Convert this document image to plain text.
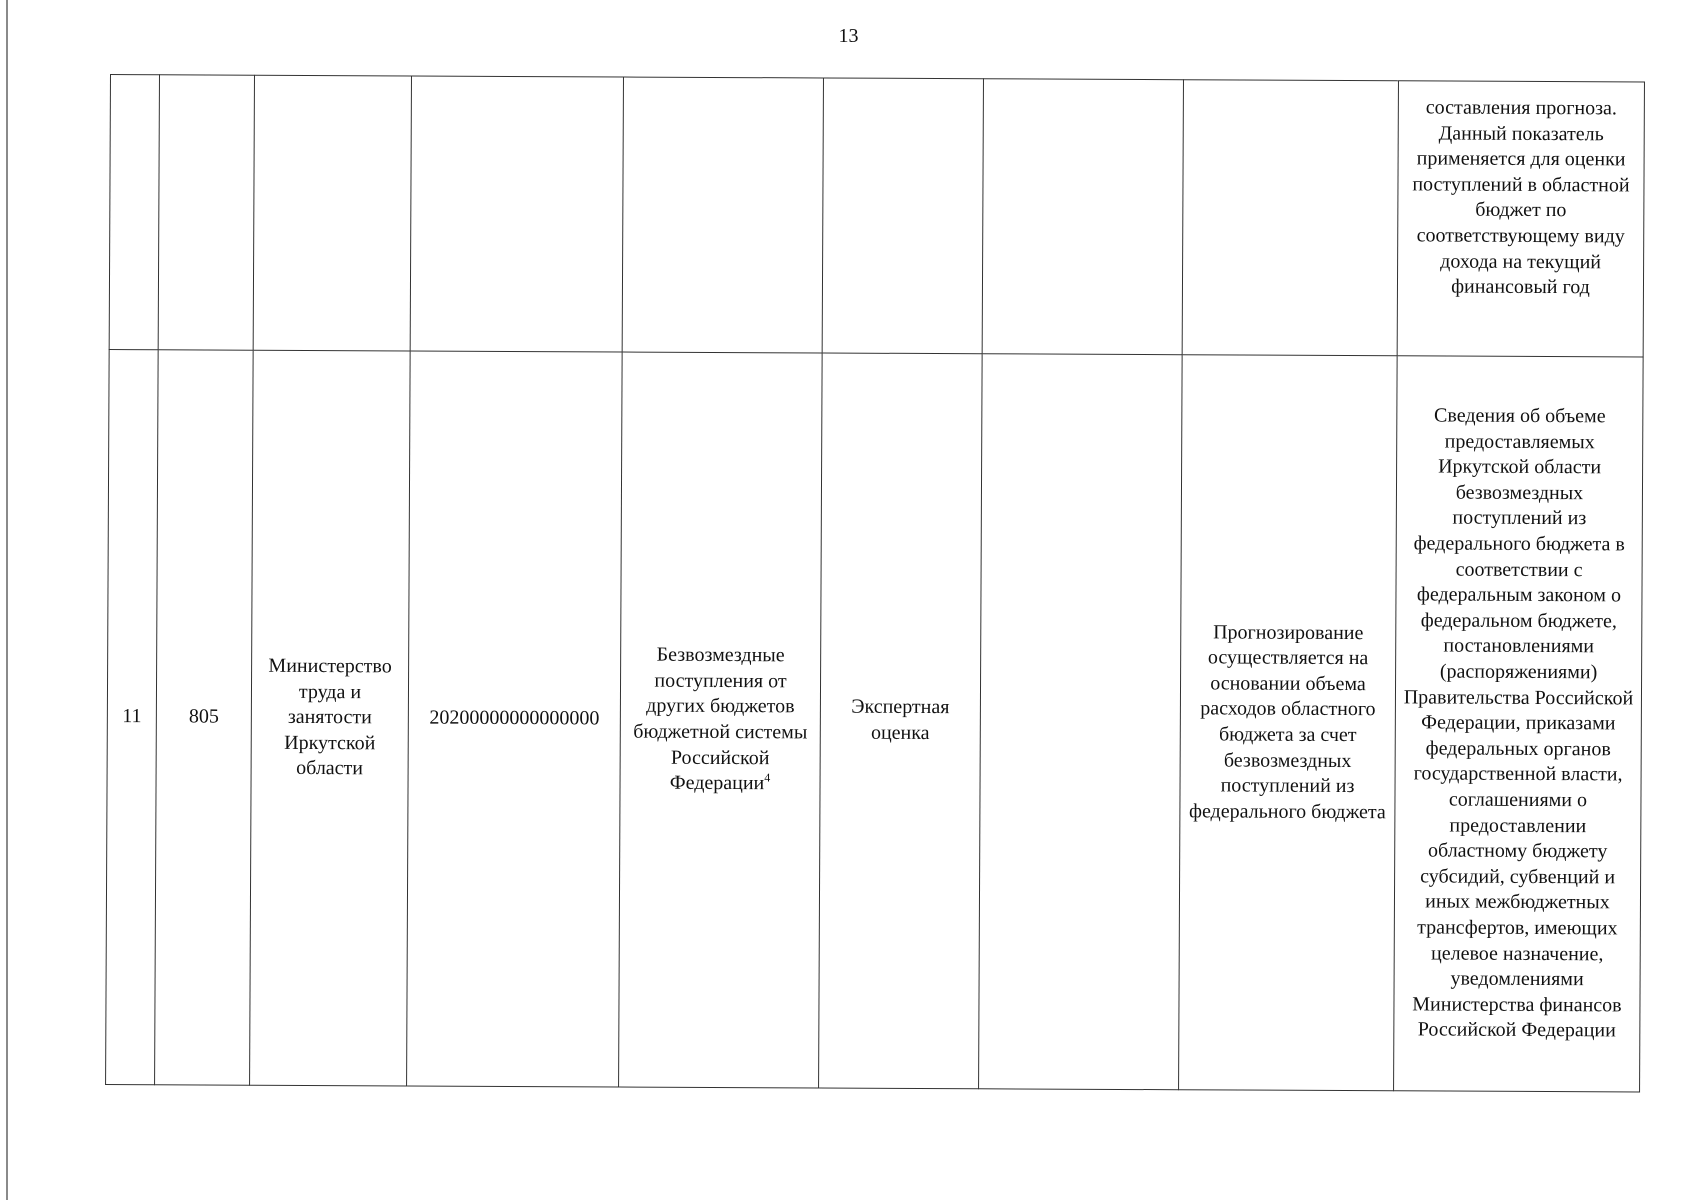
13
								составления прогноза. Данный показатель применяется для оценки поступлений в областной бюджет по соответствующему виду дохода на текущий финансовый год
11	805	Министерство труда и занятости Иркутской области	20200000000000000	Безвозмездные поступления от других бюджетов бюджетной системы Российской Федерации$^4$	Экспертная оценка		Прогнозирование осуществляется на основании объема расходов областного бюджета за счет безвозмездных поступлений из федерального бюджета	Сведения об объеме предоставляемых Иркутской области безвозмездных поступлений из федерального бюджета в соответствии с федеральным законом о федеральном бюджете, постановлениями (распоряжениями) Правительства Российской Федерации, приказами федеральных органов государственной власти, соглашениями о предоставлении областному бюджету субсидий, субвенций и иных межбюджетных трансфертов, имеющих целевое назначение, уведомлениями Министерства финансов Российской Федерации
